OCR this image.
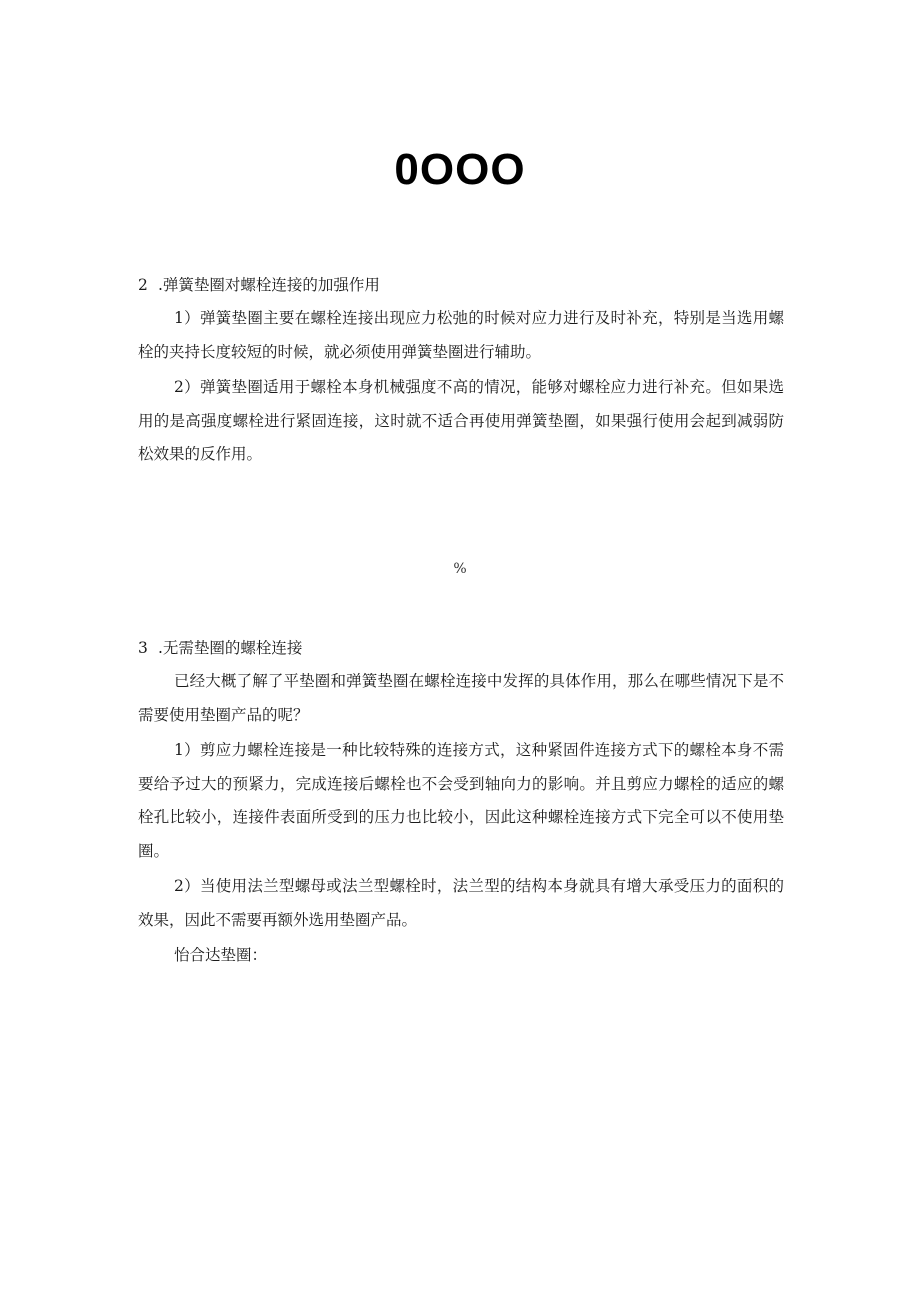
0OOO

2 .弹簧垫圈对螺栓连接的加强作用

1）弹簧垫圈主要在螺栓连接出现应力松弛的时候对应力进行及时补充，特别是当选用螺栓的夹持长度较短的时候，就必须使用弹簧垫圈进行辅助。

2）弹簧垫圈适用于螺栓本身机械强度不高的情况，能够对螺栓应力进行补充。但如果选用的是高强度螺栓进行紧固连接，这时就不适合再使用弹簧垫圈，如果强行使用会起到减弱防松效果的反作用。

%

3 .无需垫圈的螺栓连接

已经大概了解了平垫圈和弹簧垫圈在螺栓连接中发挥的具体作用，那么在哪些情况下是不需要使用垫圈产品的呢？

1）剪应力螺栓连接是一种比较特殊的连接方式，这种紧固件连接方式下的螺栓本身不需要给予过大的预紧力，完成连接后螺栓也不会受到轴向力的影响。并且剪应力螺栓的适应的螺栓孔比较小，连接件表面所受到的压力也比较小，因此这种螺栓连接方式下完全可以不使用垫圈。

2）当使用法兰型螺母或法兰型螺栓时，法兰型的结构本身就具有增大承受压力的面积的效果，因此不需要再额外选用垫圈产品。

怡合达垫圈：
